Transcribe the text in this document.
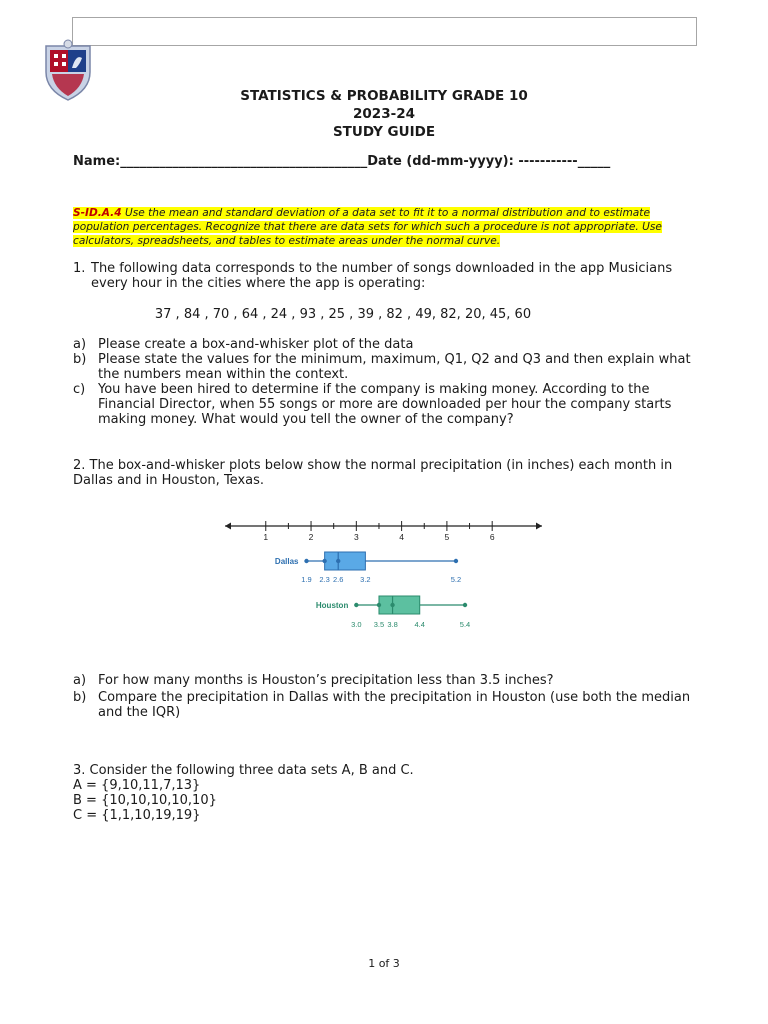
STATISTICS & PROBABILITY GRADE 10
2023-24
STUDY GUIDE
Name:______________________________________Date (dd-mm-yyyy): -----------_____
S-ID.A.4 Use the mean and standard deviation of a data set to fit it to a normal distribution and to estimate population percentages. Recognize that there are data sets for which such a procedure is not appropriate. Use calculators, spreadsheets, and tables to estimate areas under the normal curve.
1. The following data corresponds to the number of songs downloaded in the app Musicians every hour in the cities where the app is operating:
37 , 84 , 70 , 64 , 24 , 93 , 25 , 39 , 82 , 49, 82, 20, 45, 60
a) Please create a box-and-whisker plot of the data
b) Please state the values for the minimum, maximum, Q1, Q2 and Q3 and then explain what the numbers mean within the context.
c) You have been hired to determine if the company is making money. According to the Financial Director, when 55 songs or more are downloaded per hour the company starts making money. What would you tell the owner of the company?
2. The box-and-whisker plots below show the normal precipitation (in inches) each month in Dallas and in Houston, Texas.
1	2	3	4	5	6
Dallas
1.9 2.3 2.6 3.2	5.2
Houston
3.0 3.5 3.8 4.4	5.4
a) For how many months is Houston’s precipitation less than 3.5 inches?
b) Compare the precipitation in Dallas with the precipitation in Houston (use both the median and the IQR)
3. Consider the following three data sets A, B and C.
A = {9,10,11,7,13}
B = {10,10,10,10,10}
C = {1,1,10,19,19}
1 of 3
